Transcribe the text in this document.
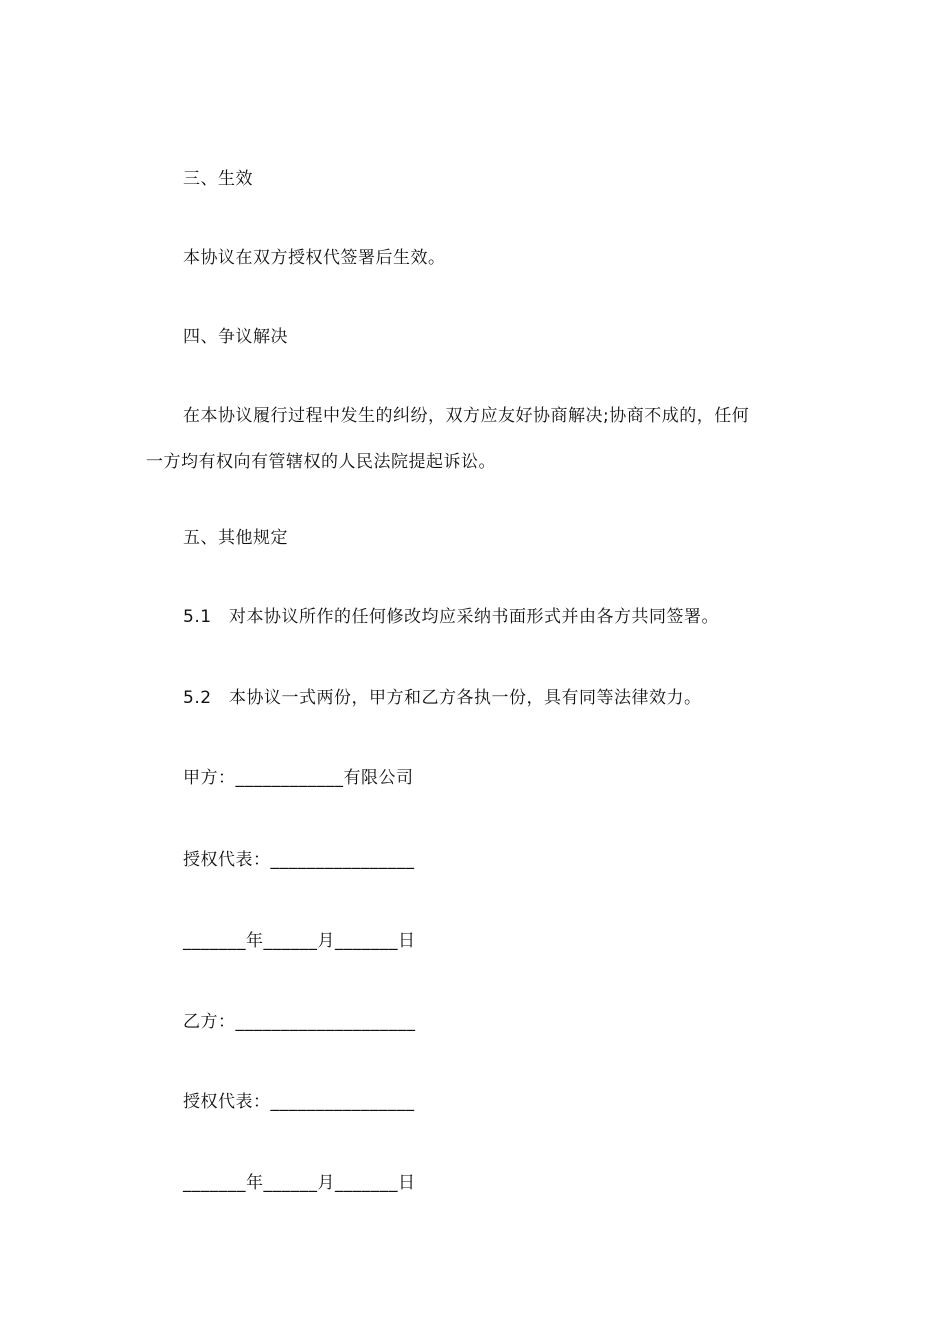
三、生效
本协议在双方授权代签署后生效。
四、争议解决
在本协议履行过程中发生的纠纷，双方应友好协商解决;协商不成的，任何
一方均有权向有管辖权的人民法院提起诉讼。
五、其他规定
5.1　对本协议所作的任何修改均应采纳书面形式并由各方共同签署。
5.2　本协议一式两份，甲方和乙方各执一份，具有同等法律效力。
甲方：____________有限公司
授权代表：________________
_______年______月_______日
乙方：____________________
授权代表：________________
_______年______月_______日
